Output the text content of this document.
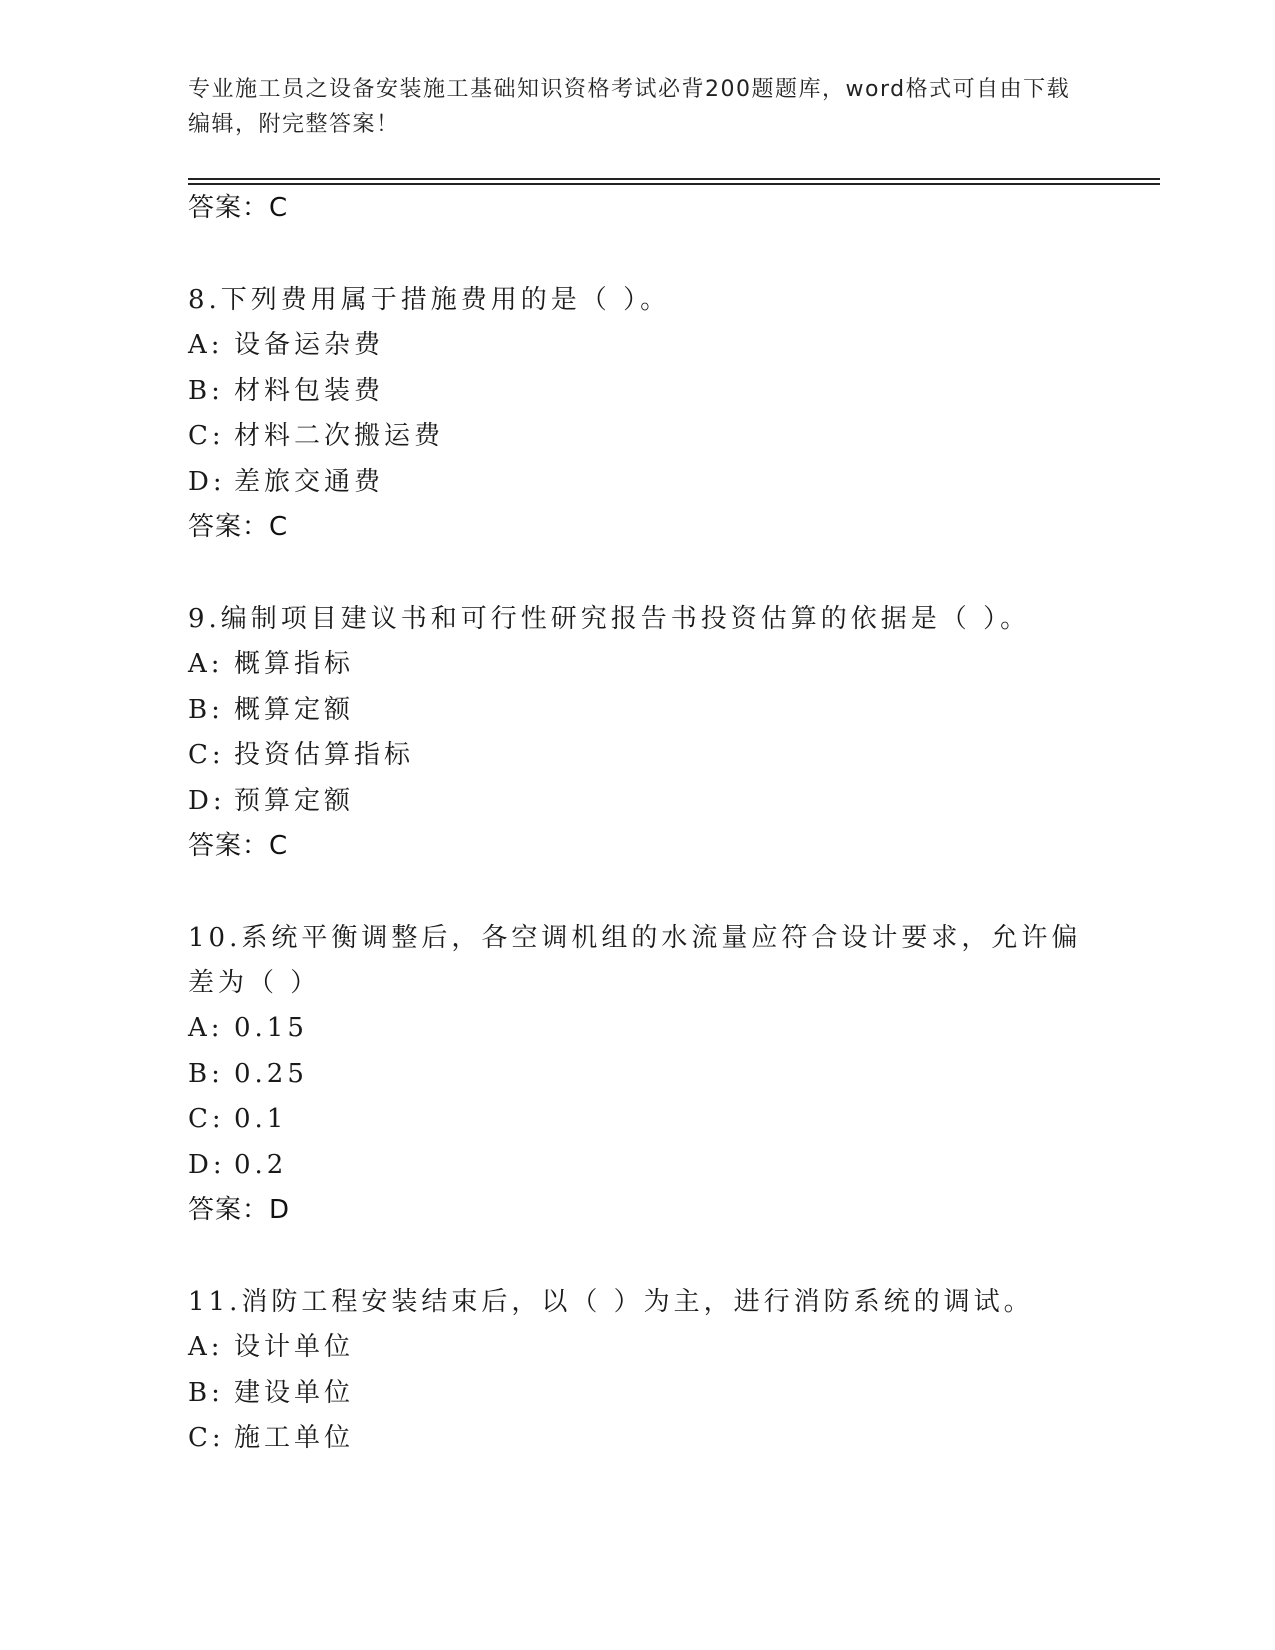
专业施工员之设备安装施工基础知识资格考试必背200题题库，word格式可自由下载编辑，附完整答案！
答案：C
8.下列费用属于措施费用的是（ ）。
A: 设备运杂费
B: 材料包装费
C: 材料二次搬运费
D: 差旅交通费
答案：C
9.编制项目建议书和可行性研究报告书投资估算的依据是（ ）。
A: 概算指标
B: 概算定额
C: 投资估算指标
D: 预算定额
答案：C
10.系统平衡调整后，各空调机组的水流量应符合设计要求，允许偏差为（ ）
A: 0.15
B: 0.25
C: 0.1
D: 0.2
答案：D
11.消防工程安装结束后，以（ ）为主，进行消防系统的调试。
A: 设计单位
B: 建设单位
C: 施工单位
